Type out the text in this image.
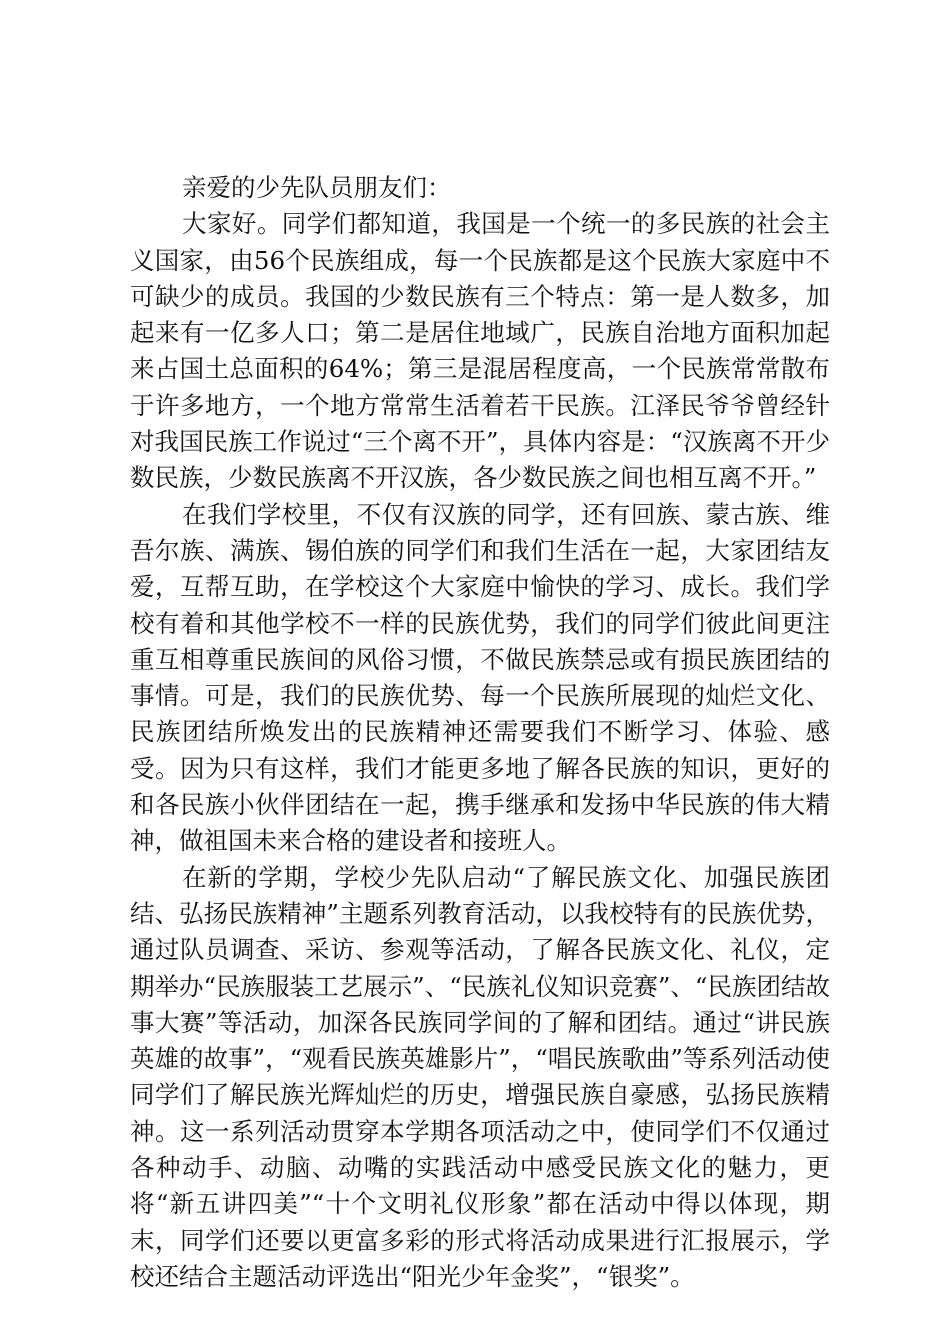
亲爱的少先队员朋友们：

大家好。同学们都知道，我国是一个统一的多民族的社会主义国家，由56个民族组成，每一个民族都是这个民族大家庭中不可缺少的成员。我国的少数民族有三个特点：第一是人数多，加起来有一亿多人口；第二是居住地域广，民族自治地方面积加起来占国土总面积的64%；第三是混居程度高，一个民族常常散布于许多地方，一个地方常常生活着若干民族。江泽民爷爷曾经针对我国民族工作说过“三个离不开”，具体内容是：“汉族离不开少数民族，少数民族离不开汉族，各少数民族之间也相互离不开。”

在我们学校里，不仅有汉族的同学，还有回族、蒙古族、维吾尔族、满族、锡伯族的同学们和我们生活在一起，大家团结友爱，互帮互助，在学校这个大家庭中愉快的学习、成长。我们学校有着和其他学校不一样的民族优势，我们的同学们彼此间更注重互相尊重民族间的风俗习惯，不做民族禁忌或有损民族团结的事情。可是，我们的民族优势、每一个民族所展现的灿烂文化、民族团结所焕发出的民族精神还需要我们不断学习、体验、感受。因为只有这样，我们才能更多地了解各民族的知识，更好的和各民族小伙伴团结在一起，携手继承和发扬中华民族的伟大精神，做祖国未来合格的建设者和接班人。

在新的学期，学校少先队启动“了解民族文化、加强民族团结、弘扬民族精神”主题系列教育活动，以我校特有的民族优势，通过队员调查、采访、参观等活动，了解各民族文化、礼仪，定期举办“民族服装工艺展示”、“民族礼仪知识竞赛”、“民族团结故事大赛”等活动，加深各民族同学间的了解和团结。通过“讲民族英雄的故事”，“观看民族英雄影片”，“唱民族歌曲”等系列活动使同学们了解民族光辉灿烂的历史，增强民族自豪感，弘扬民族精神。这一系列活动贯穿本学期各项活动之中，使同学们不仅通过各种动手、动脑、动嘴的实践活动中感受民族文化的魅力，更将“新五讲四美”“十个文明礼仪形象”都在活动中得以体现，期末，同学们还要以更富多彩的形式将活动成果进行汇报展示，学校还结合主题活动评选出“阳光少年金奖”，“银奖”。
